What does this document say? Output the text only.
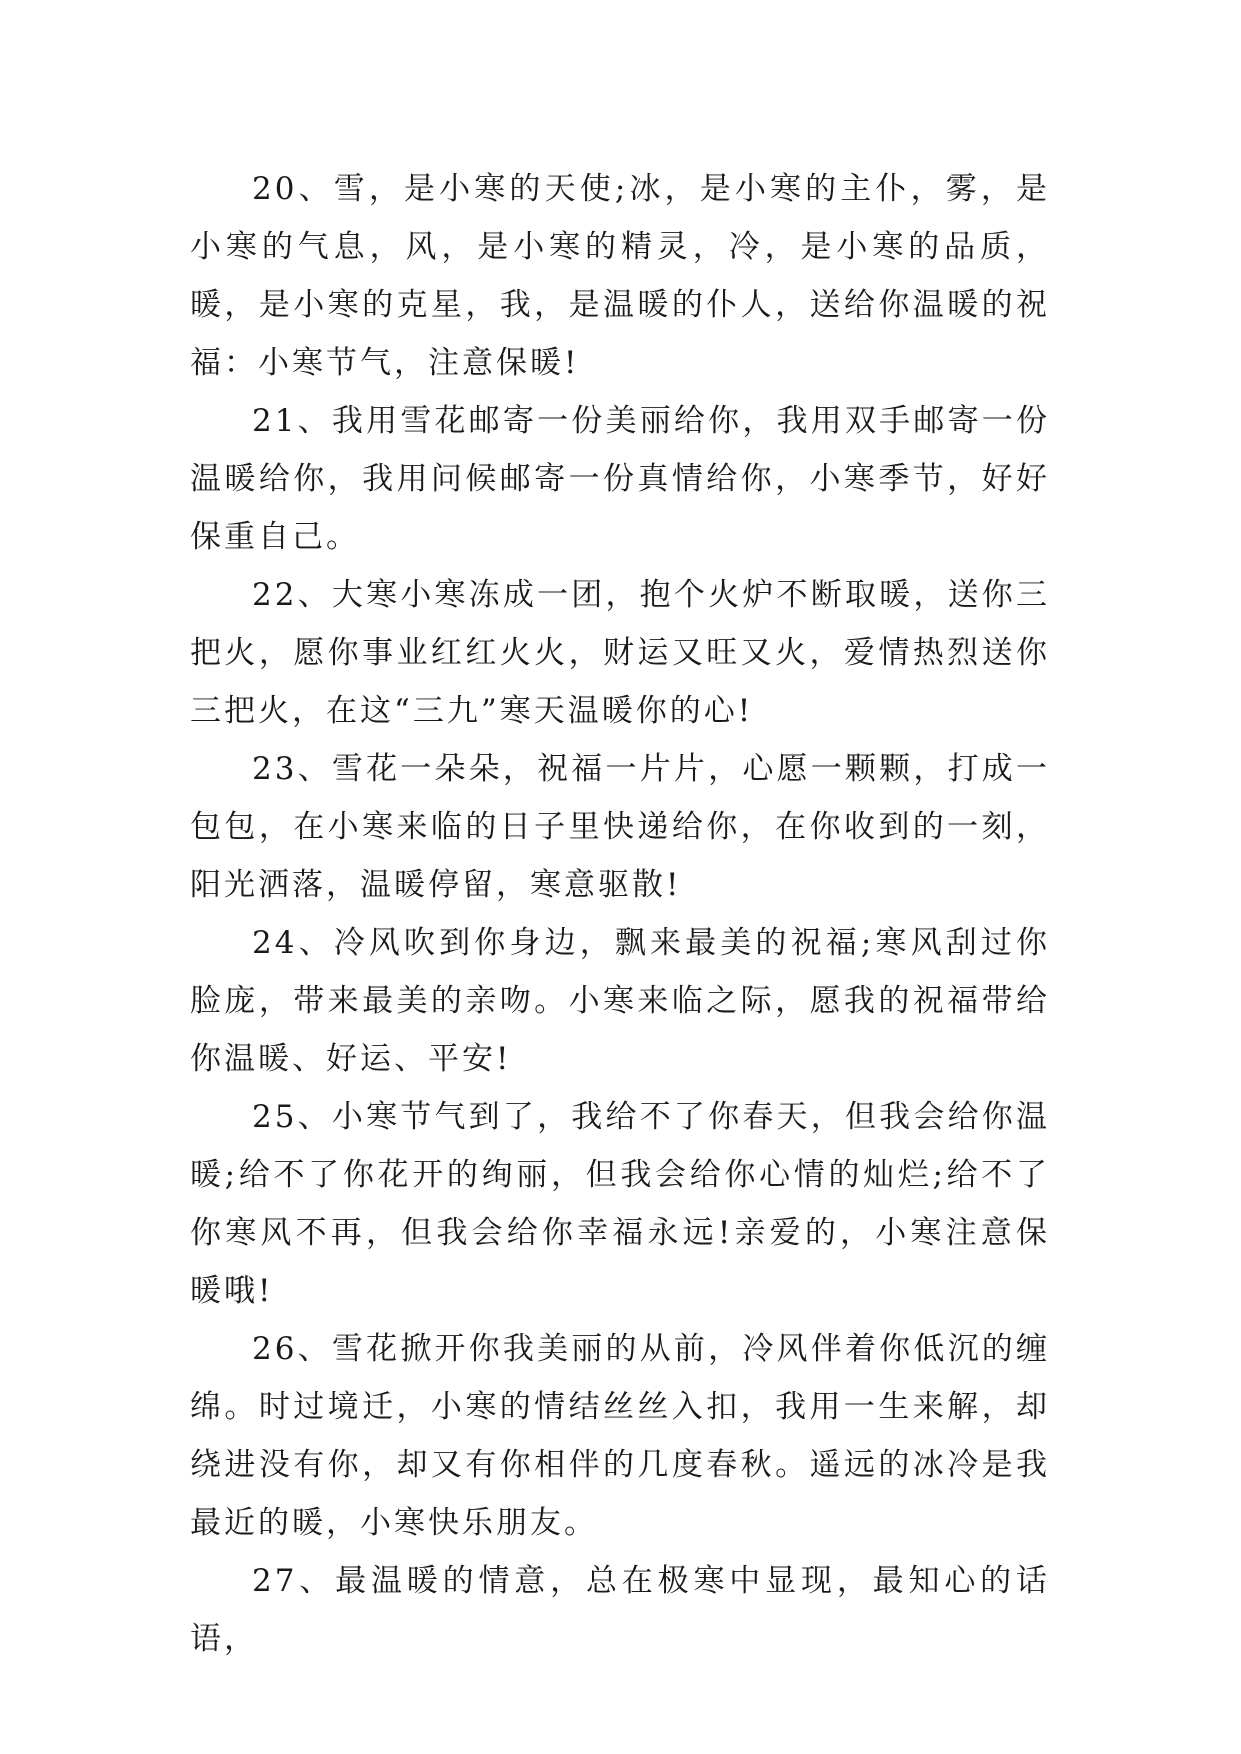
20、雪，是小寒的天使;冰，是小寒的主仆，雾，是小寒的气息，风，是小寒的精灵，冷，是小寒的品质，暖，是小寒的克星，我，是温暖的仆人，送给你温暖的祝福：小寒节气，注意保暖!

21、我用雪花邮寄一份美丽给你，我用双手邮寄一份温暖给你，我用问候邮寄一份真情给你，小寒季节，好好保重自己。

22、大寒小寒冻成一团，抱个火炉不断取暖，送你三把火，愿你事业红红火火，财运又旺又火，爱情热烈送你三把火，在这“三九”寒天温暖你的心!

23、雪花一朵朵，祝福一片片，心愿一颗颗，打成一包包，在小寒来临的日子里快递给你，在你收到的一刻，阳光洒落，温暖停留，寒意驱散!

24、冷风吹到你身边，飘来最美的祝福;寒风刮过你脸庞，带来最美的亲吻。小寒来临之际，愿我的祝福带给你温暖、好运、平安!

25、小寒节气到了，我给不了你春天，但我会给你温暖;给不了你花开的绚丽，但我会给你心情的灿烂;给不了你寒风不再，但我会给你幸福永远!亲爱的，小寒注意保暖哦!

26、雪花掀开你我美丽的从前，冷风伴着你低沉的缠绵。时过境迁，小寒的情结丝丝入扣，我用一生来解，却绕进没有你，却又有你相伴的几度春秋。遥远的冰冷是我最近的暖，小寒快乐朋友。

27、最温暖的情意，总在极寒中显现，最知心的话语，
